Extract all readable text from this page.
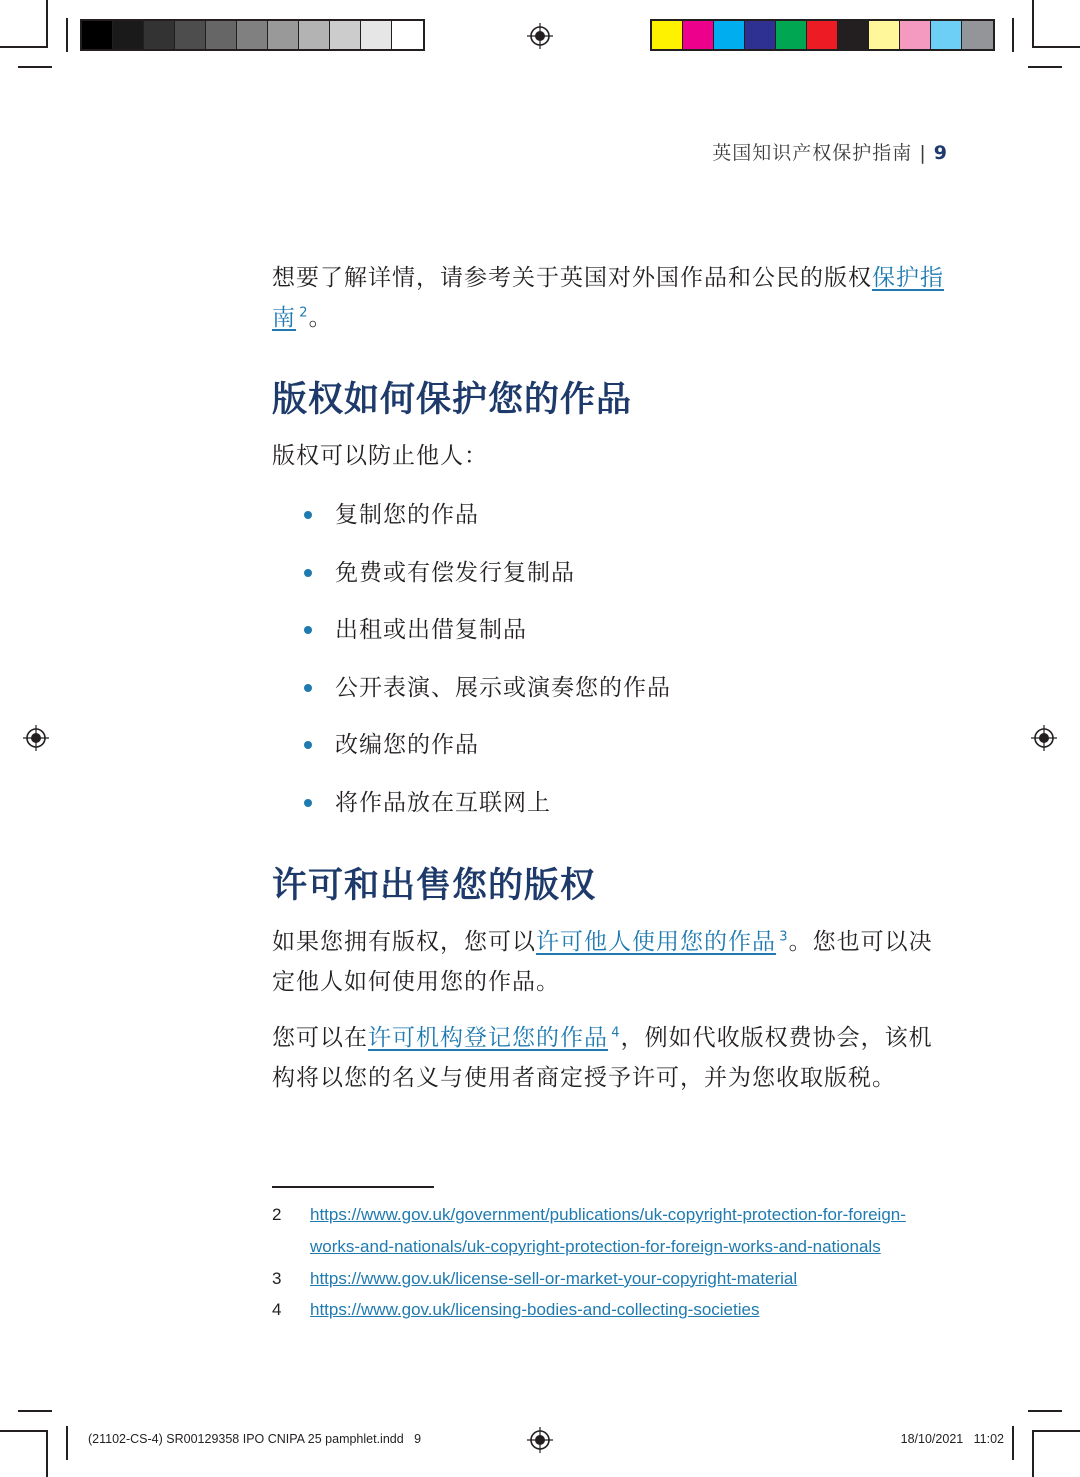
英国知识产权保护指南 | 9

想要了解详情，请参考关于英国对外国作品和公民的版权保护指南  $^2$。

版权如何保护您的作品
版权可以防止他人：
复制您的作品
免费或有偿发行复制品
出租或出借复制品
公开表演、展示或演奏您的作品
改编您的作品
将作品放在互联网上
许可和出售您的版权

如果您拥有版权，您可以许可他人使用您的作品  $^3$。您也可以决定他人如何使用您的作品。

您可以在许可机构登记您的作品  $^4$，例如代收版权费协会，该机构将以您的名义与使用者商定授予许可，并为您收取版税。

2	https://www.gov.uk/government/publications/uk-copyright-protection-for-foreign-works-and-nationals/uk-copyright-protection-for-foreign-works-and-nationals
3	https://www.gov.uk/license-sell-or-market-your-copyright-material
4	https://www.gov.uk/licensing-bodies-and-collecting-societies
(21102-CS-4) SR00129358 IPO CNIPA 25 pamphlet.indd   9	18/10/2021   11:02
